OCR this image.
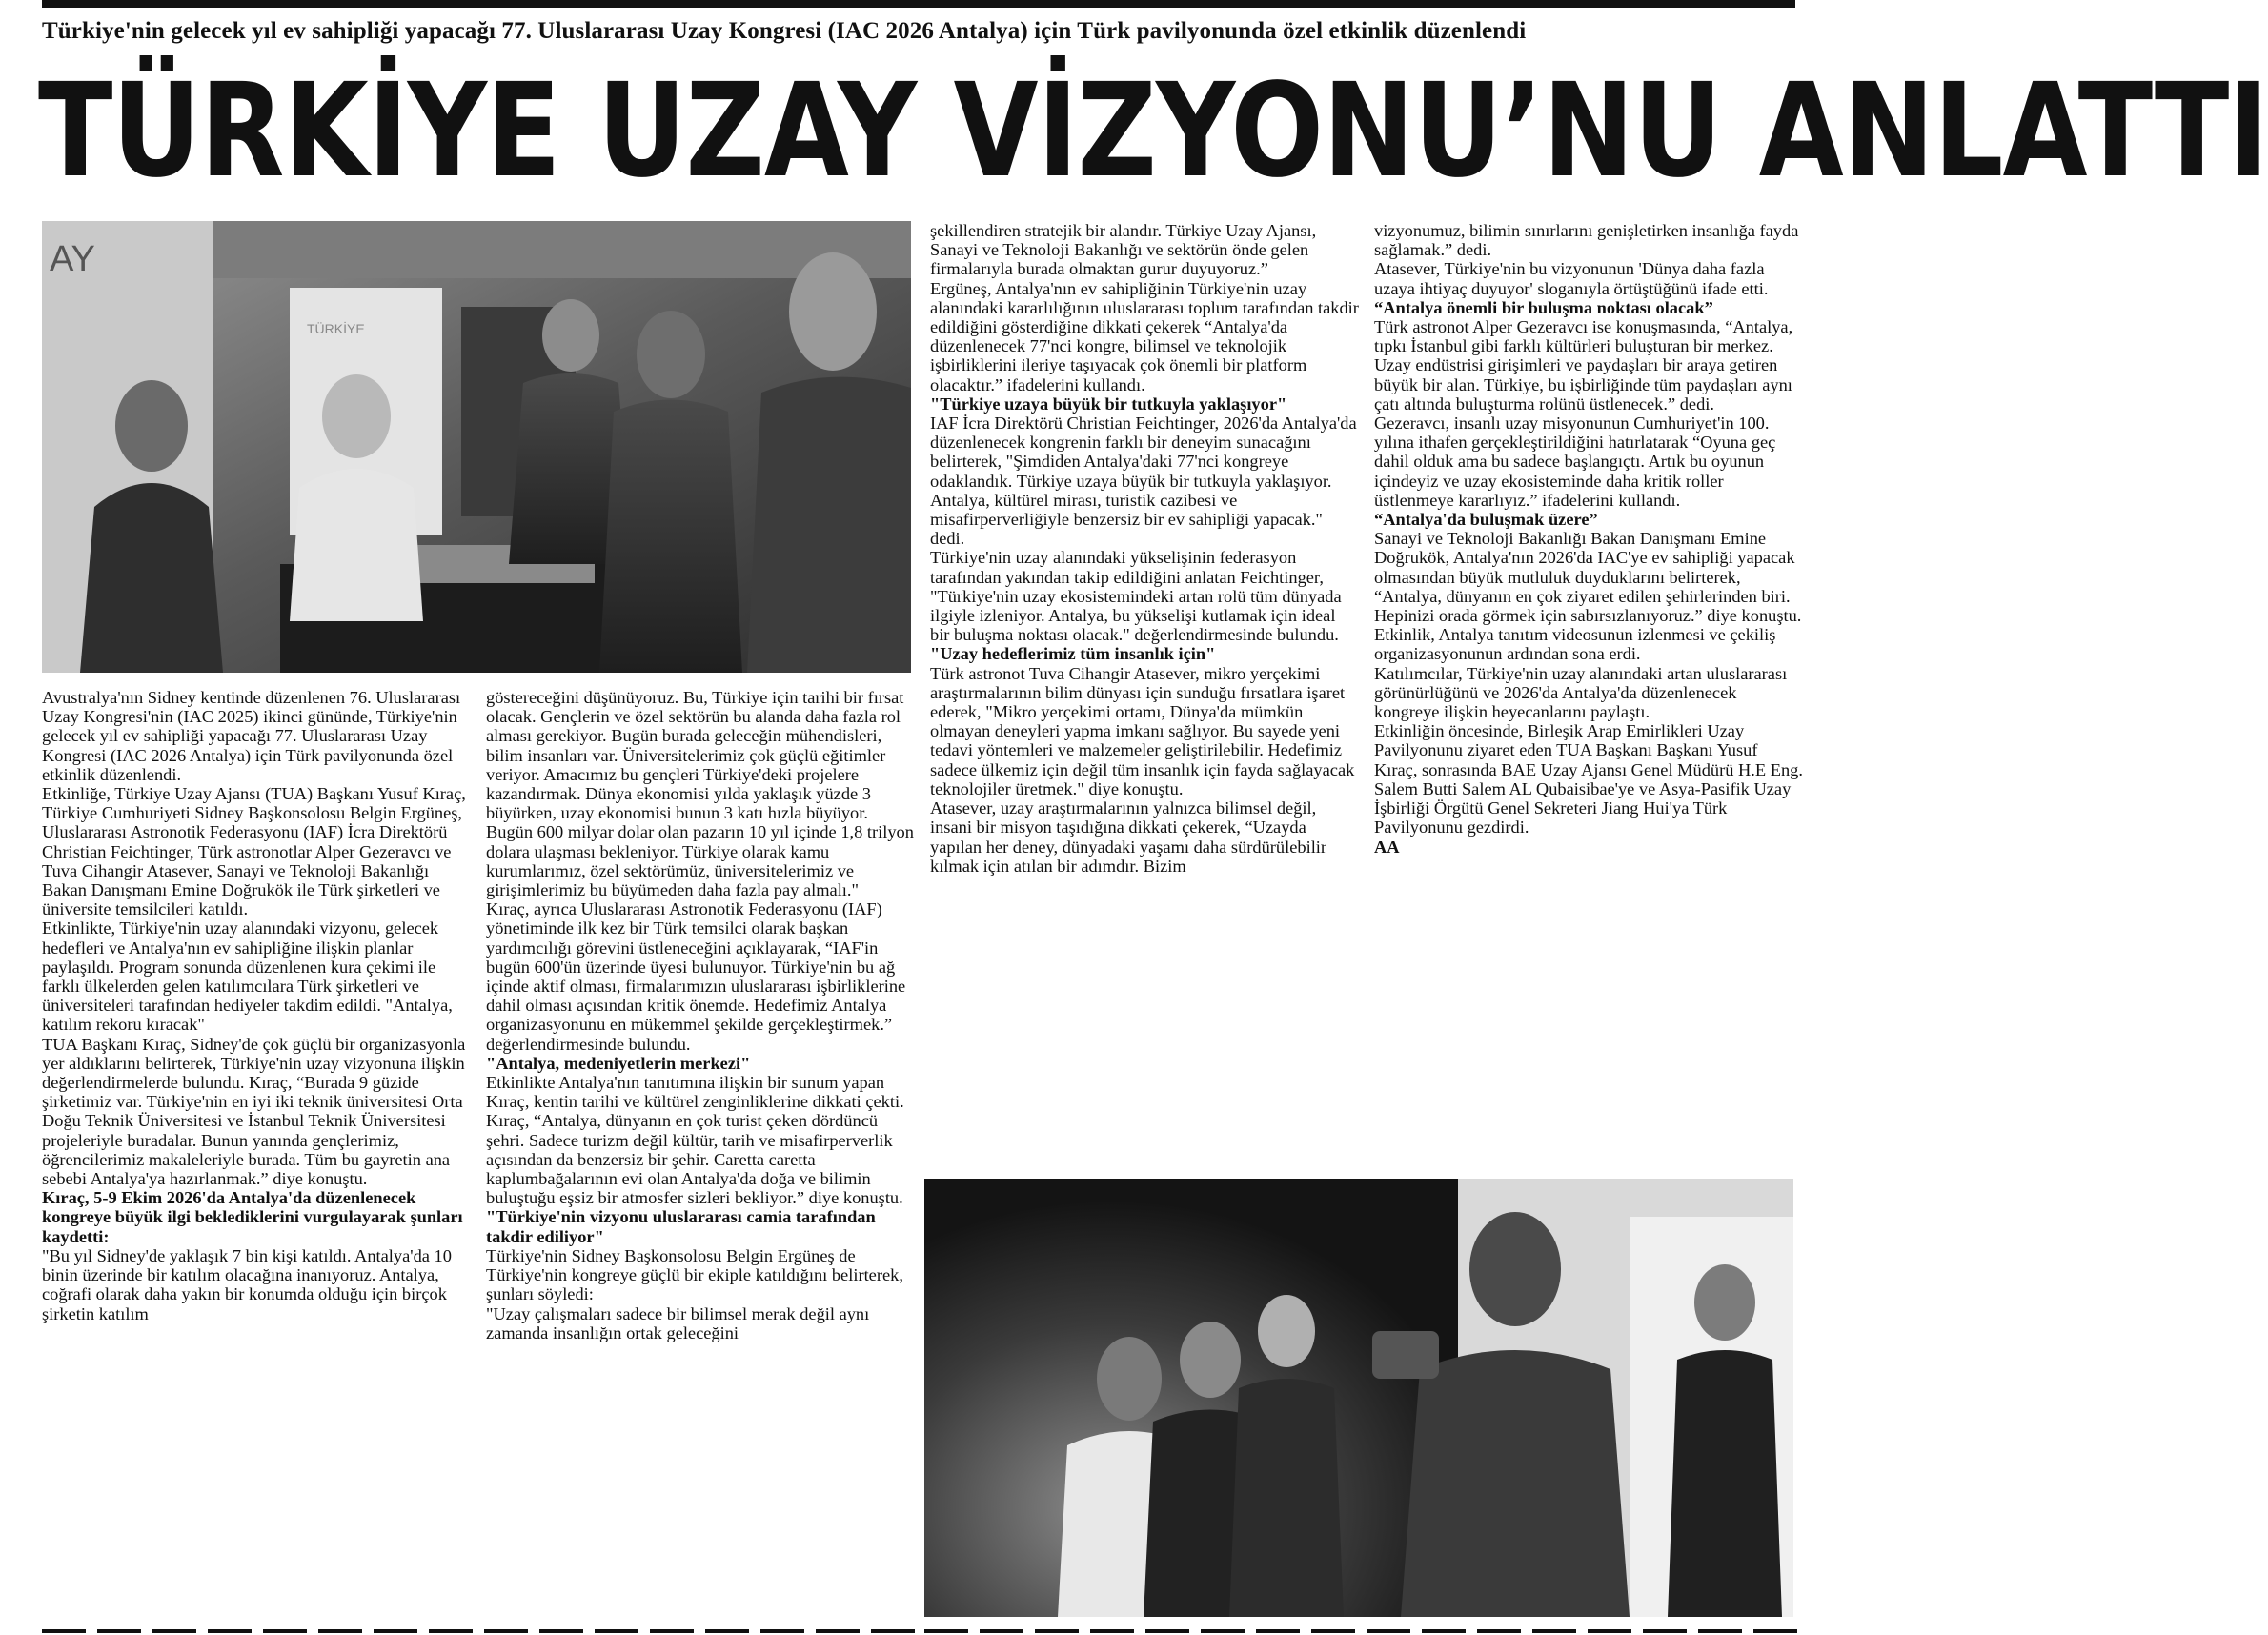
Türkiye'nin gelecek yıl ev sahipliği yapacağı 77. Uluslararası Uzay Kongresi (IAC 2026 Antalya) için Türk pavilyonunda özel etkinlik düzenlendi
TÜRKİYE UZAY VİZYONU’NU ANLATTI
AY
TÜRKİYE

Avustralya'nın Sidney kentinde düzenlenen 76. Uluslararası Uzay Kongresi'nin (IAC 2025) ikinci gününde, Türkiye'nin gelecek yıl ev sahipliği yapacağı 77. Uluslararası Uzay Kongresi (IAC 2026 Antalya) için Türk pavilyonunda özel etkinlik düzenlendi.

Etkinliğe, Türkiye Uzay Ajansı (TUA) Başkanı Yusuf Kıraç, Türkiye Cumhuriyeti Sidney Başkonsolosu Belgin Ergüneş, Uluslararası Astronotik Federasyonu (IAF) İcra Direktörü Christian Feichtinger, Türk astronotlar Alper Gezeravcı ve Tuva Cihangir Atasever, Sanayi ve Teknoloji Bakanlığı Bakan Danışmanı Emine Doğrukök ile Türk şirketleri ve üniversite temsilcileri katıldı.

Etkinlikte, Türkiye'nin uzay alanındaki vizyonu, gelecek hedefleri ve Antalya'nın ev sahipliğine ilişkin planlar paylaşıldı. Program sonunda düzenlenen kura çekimi ile farklı ülkelerden gelen katılımcılara Türk şirketleri ve üniversiteleri tarafından hediyeler takdim edildi. "Antalya, katılım rekoru kıracak"

TUA Başkanı Kıraç, Sidney'de çok güçlü bir organizasyonla yer aldıklarını belirterek, Türkiye'nin uzay vizyonuna ilişkin değerlendirmelerde bulundu. Kıraç, “Burada 9 güzide şirketimiz var. Türkiye'nin en iyi iki teknik üniversitesi Orta Doğu Teknik Üniversitesi ve İstanbul Teknik Üniversitesi projeleriyle buradalar. Bunun yanında gençlerimiz, öğrencilerimiz makaleleriyle burada. Tüm bu gayretin ana sebebi Antalya'ya hazırlanmak.” diye konuştu.

Kıraç, 5-9 Ekim 2026'da Antalya'da düzenlenecek kongreye büyük ilgi beklediklerini vurgulayarak şunları kaydetti:

"Bu yıl Sidney'de yaklaşık 7 bin kişi katıldı. Antalya'da 10 binin üzerinde bir katılım olacağına inanıyoruz. Antalya, coğrafi olarak daha yakın bir konumda olduğu için birçok şirketin katılım

göstereceğini düşünüyoruz. Bu, Türkiye için tarihi bir fırsat olacak. Gençlerin ve özel sektörün bu alanda daha fazla rol alması gerekiyor. Bugün burada geleceğin mühendisleri, bilim insanları var. Üniversitelerimiz çok güçlü eğitimler veriyor. Amacımız bu gençleri Türkiye'deki projelere kazandırmak. Dünya ekonomisi yılda yaklaşık yüzde 3 büyürken, uzay ekonomisi bunun 3 katı hızla büyüyor. Bugün 600 milyar dolar olan pazarın 10 yıl içinde 1,8 trilyon dolara ulaşması bekleniyor. Türkiye olarak kamu kurumlarımız, özel sektörümüz, üniversitelerimiz ve girişimlerimiz bu büyümeden daha fazla pay almalı."

Kıraç, ayrıca Uluslararası Astronotik Federasyonu (IAF) yönetiminde ilk kez bir Türk temsilci olarak başkan yardımcılığı görevini üstleneceğini açıklayarak, “IAF'in bugün 600'ün üzerinde üyesi bulunuyor. Türkiye'nin bu ağ içinde aktif olması, firmalarımızın uluslararası işbirliklerine dahil olması açısından kritik önemde. Hedefimiz Antalya organizasyonunu en mükemmel şekilde gerçekleştirmek.” değerlendirmesinde bulundu.

"Antalya, medeniyetlerin merkezi"

Etkinlikte Antalya'nın tanıtımına ilişkin bir sunum yapan Kıraç, kentin tarihi ve kültürel zenginliklerine dikkati çekti. Kıraç, “Antalya, dünyanın en çok turist çeken dördüncü şehri. Sadece turizm değil kültür, tarih ve misafirperverlik açısından da benzersiz bir şehir. Caretta caretta kaplumbağalarının evi olan Antalya'da doğa ve bilimin buluştuğu eşsiz bir atmosfer sizleri bekliyor.” diye konuştu.

"Türkiye'nin vizyonu uluslararası camia tarafından takdir ediliyor"

Türkiye'nin Sidney Başkonsolosu Belgin Ergüneş de Türkiye'nin kongreye güçlü bir ekiple katıldığını belirterek, şunları söyledi:

"Uzay çalışmaları sadece bir bilimsel merak değil aynı zamanda insanlığın ortak geleceğini

şekillendiren stratejik bir alandır. Türkiye Uzay Ajansı, Sanayi ve Teknoloji Bakanlığı ve sektörün önde gelen firmalarıyla burada olmaktan gurur duyuyoruz.”

Ergüneş, Antalya'nın ev sahipliğinin Türkiye'nin uzay alanındaki kararlılığının uluslararası toplum tarafından takdir edildiğini gösterdiğine dikkati çekerek “Antalya'da düzenlenecek 77'nci kongre, bilimsel ve teknolojik işbirliklerini ileriye taşıyacak çok önemli bir platform olacaktır.” ifadelerini kullandı.

"Türkiye uzaya büyük bir tutkuyla yaklaşıyor"

IAF İcra Direktörü Christian Feichtinger, 2026'da Antalya'da düzenlenecek kongrenin farklı bir deneyim sunacağını belirterek, "Şimdiden Antalya'daki 77'nci kongreye odaklandık. Türkiye uzaya büyük bir tutkuyla yaklaşıyor. Antalya, kültürel mirası, turistik cazibesi ve misafirperverliğiyle benzersiz bir ev sahipliği yapacak." dedi.

Türkiye'nin uzay alanındaki yükselişinin federasyon tarafından yakından takip edildiğini anlatan Feichtinger, "Türkiye'nin uzay ekosistemindeki artan rolü tüm dünyada ilgiyle izleniyor. Antalya, bu yükselişi kutlamak için ideal bir buluşma noktası olacak." değerlendirmesinde bulundu.

"Uzay hedeflerimiz tüm insanlık için"

Türk astronot Tuva Cihangir Atasever, mikro yerçekimi araştırmalarının bilim dünyası için sunduğu fırsatlara işaret ederek, "Mikro yerçekimi ortamı, Dünya'da mümkün olmayan deneyleri yapma imkanı sağlıyor. Bu sayede yeni tedavi yöntemleri ve malzemeler geliştirilebilir. Hedefimiz sadece ülkemiz için değil tüm insanlık için fayda sağlayacak teknolojiler üretmek." diye konuştu.

Atasever, uzay araştırmalarının yalnızca bilimsel değil, insani bir misyon taşıdığına dikkati çekerek, “Uzayda yapılan her deney, dünyadaki yaşamı daha sürdürülebilir kılmak için atılan bir adımdır. Bizim

vizyonumuz, bilimin sınırlarını genişletirken insanlığa fayda sağlamak.” dedi.

Atasever, Türkiye'nin bu vizyonunun 'Dünya daha fazla uzaya ihtiyaç duyuyor' sloganıyla örtüştüğünü ifade etti.

“Antalya önemli bir buluşma noktası olacak”

Türk astronot Alper Gezeravcı ise konuşmasında, “Antalya, tıpkı İstanbul gibi farklı kültürleri buluşturan bir merkez. Uzay endüstrisi girişimleri ve paydaşları bir araya getiren büyük bir alan. Türkiye, bu işbirliğinde tüm paydaşları aynı çatı altında buluşturma rolünü üstlenecek.” dedi.

Gezeravcı, insanlı uzay misyonunun Cumhuriyet'in 100. yılına ithafen gerçekleştirildiğini hatırlatarak “Oyuna geç dahil olduk ama bu sadece başlangıçtı. Artık bu oyunun içindeyiz ve uzay ekosisteminde daha kritik roller üstlenmeye kararlıyız.” ifadelerini kullandı.

“Antalya'da buluşmak üzere”

Sanayi ve Teknoloji Bakanlığı Bakan Danışmanı Emine Doğrukök, Antalya'nın 2026'da IAC'ye ev sahipliği yapacak olmasından büyük mutluluk duyduklarını belirterek, “Antalya, dünyanın en çok ziyaret edilen şehirlerinden biri. Hepinizi orada görmek için sabırsızlanıyoruz.” diye konuştu.

Etkinlik, Antalya tanıtım videosunun izlenmesi ve çekiliş organizasyonunun ardından sona erdi.

Katılımcılar, Türkiye'nin uzay alanındaki artan uluslararası görünürlüğünü ve 2026'da Antalya'da düzenlenecek kongreye ilişkin heyecanlarını paylaştı.

Etkinliğin öncesinde, Birleşik Arap Emirlikleri Uzay Pavilyonunu ziyaret eden TUA Başkanı Başkanı Yusuf Kıraç, sonrasında BAE Uzay Ajansı Genel Müdürü H.E Eng. Salem Butti Salem AL Qubaisibae'ye ve Asya-Pasifik Uzay İşbirliği Örgütü Genel Sekreteri Jiang Hui'ya Türk Pavilyonunu gezdirdi.

AA
